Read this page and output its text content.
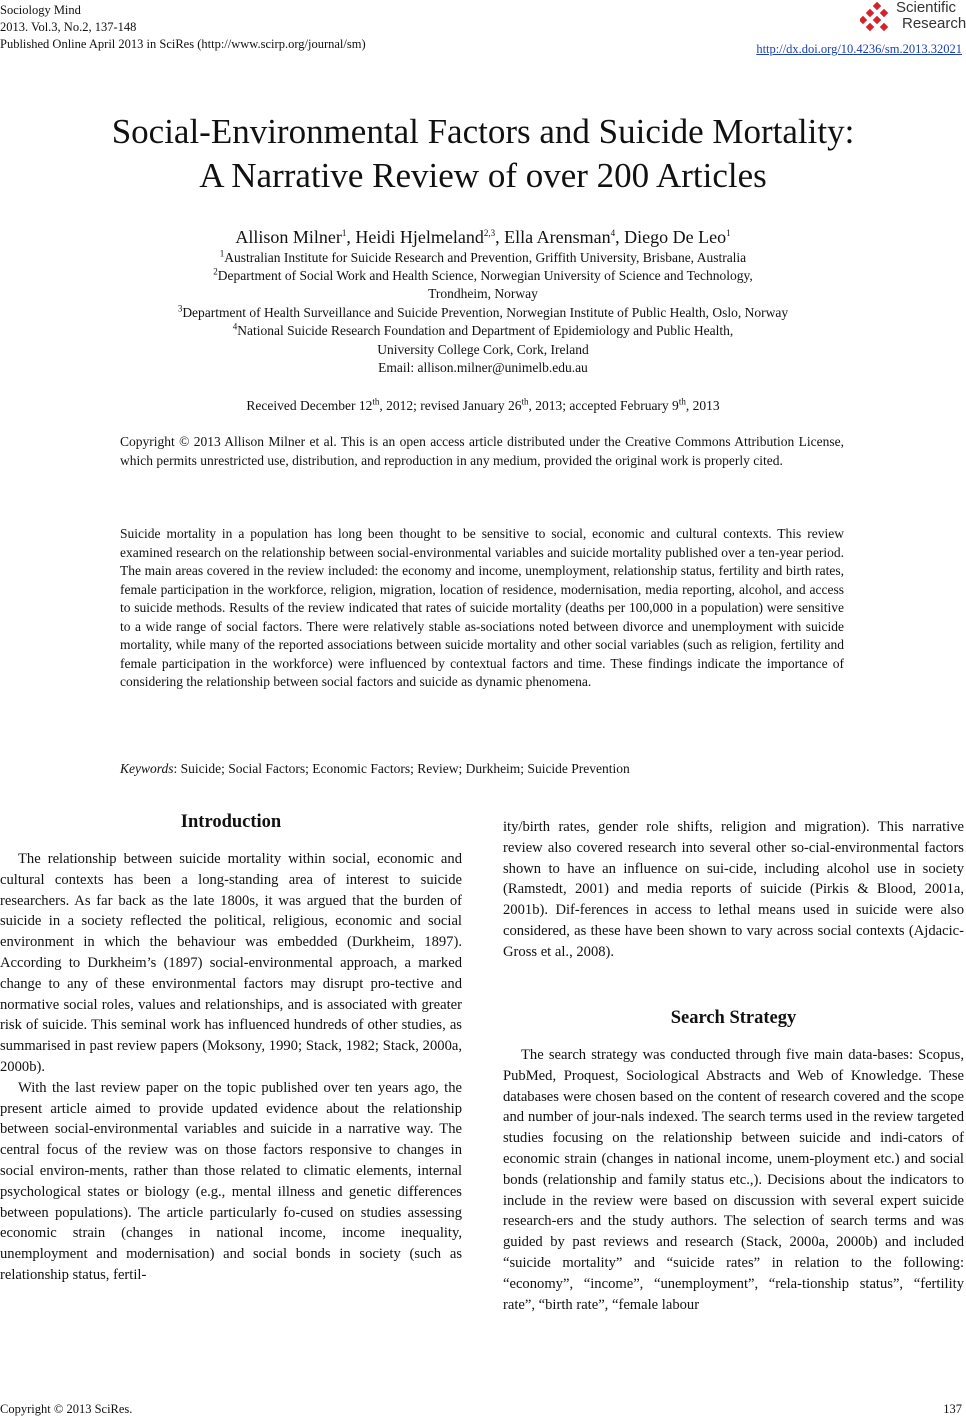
Sociology Mind
2013. Vol.3, No.2, 137-148
Published Online April 2013 in SciRes (http://www.scirp.org/journal/sm)
Scientific
Research
http://dx.doi.org/10.4236/sm.2013.32021
Social-Environmental Factors and Suicide Mortality:
A Narrative Review of over 200 Articles
Allison Milner$^1$, Heidi Hjelmeland$^{2,3}$, Ella Arensman$^4$, Diego De Leo$^1$
$^1$Australian Institute for Suicide Research and Prevention, Griffith University, Brisbane, Australia
$^2$Department of Social Work and Health Science, Norwegian University of Science and Technology,
Trondheim, Norway
$^3$Department of Health Surveillance and Suicide Prevention, Norwegian Institute of Public Health, Oslo, Norway
$^4$National Suicide Research Foundation and Department of Epidemiology and Public Health,
University College Cork, Cork, Ireland
Email: allison.milner@unimelb.edu.au
Received December 12th, 2012; revised January 26th, 2013; accepted February 9th, 2013
Copyright © 2013 Allison Milner et al. This is an open access article distributed under the Creative Commons Attribution License, which permits unrestricted use, distribution, and reproduction in any medium, provided the original work is properly cited.
Suicide mortality in a population has long been thought to be sensitive to social, economic and cultural contexts. This review examined research on the relationship between social-environmental variables and suicide mortality published over a ten-year period. The main areas covered in the review included: the economy and income, unemployment, relationship status, fertility and birth rates, female participation in the workforce, religion, migration, location of residence, modernisation, media reporting, alcohol, and access to suicide methods. Results of the review indicated that rates of suicide mortality (deaths per 100,000 in a population) were sensitive to a wide range of social factors. There were relatively stable as-sociations noted between divorce and unemployment with suicide mortality, while many of the reported associations between suicide mortality and other social variables (such as religion, fertility and female participation in the workforce) were influenced by contextual factors and time. These findings indicate the importance of considering the relationship between social factors and suicide as dynamic phenomena.
Keywords: Suicide; Social Factors; Economic Factors; Review; Durkheim; Suicide Prevention
Introduction

The relationship between suicide mortality within social, economic and cultural contexts has been a long-standing area of interest to suicide researchers. As far back as the late 1800s, it was argued that the burden of suicide in a society reflected the political, religious, economic and social environment in which the behaviour was embedded (Durkheim, 1897). According to Durkheim’s (1897) social-environmental approach, a marked change to any of these environmental factors may disrupt pro-tective and normative social roles, values and relationships, and is associated with greater risk of suicide. This seminal work has influenced hundreds of other studies, as summarised in past review papers (Moksony, 1990; Stack, 1982; Stack, 2000a, 2000b).

With the last review paper on the topic published over ten years ago, the present article aimed to provide updated evidence about the relationship between social-environmental variables and suicide in a narrative way. The central focus of the review was on those factors responsive to changes in social environ-ments, rather than those related to climatic elements, internal psychological states or biology (e.g., mental illness and genetic differences between populations). The article particularly fo-cused on studies assessing economic strain (changes in national income, income inequality, unemployment and modernisation) and social bonds in society (such as relationship status, fertil-

ity/birth rates, gender role shifts, religion and migration). This narrative review also covered research into several other so-cial-environmental factors shown to have an influence on sui-cide, including alcohol use in society (Ramstedt, 2001) and media reports of suicide (Pirkis & Blood, 2001a, 2001b). Dif-ferences in access to lethal means used in suicide were also considered, as these have been shown to vary across social contexts (Ajdacic-Gross et al., 2008).

Search Strategy

The search strategy was conducted through five main data-bases: Scopus, PubMed, Proquest, Sociological Abstracts and Web of Knowledge. These databases were chosen based on the content of research covered and the scope and number of jour-nals indexed. The search terms used in the review targeted studies focusing on the relationship between suicide and indi-cators of economic strain (changes in national income, unem-ployment etc.) and social bonds (relationship and family status etc.,). Decisions about the indicators to include in the review were based on discussion with several expert suicide research-ers and the study authors. The selection of search terms and was guided by past reviews and research (Stack, 2000a, 2000b) and included “suicide mortality” and “suicide rates” in relation to the following: “economy”, “income”, “unemployment”, “rela-tionship status”, “fertility rate”, “birth rate”, “female labour

Copyright © 2013 SciRes.	137
